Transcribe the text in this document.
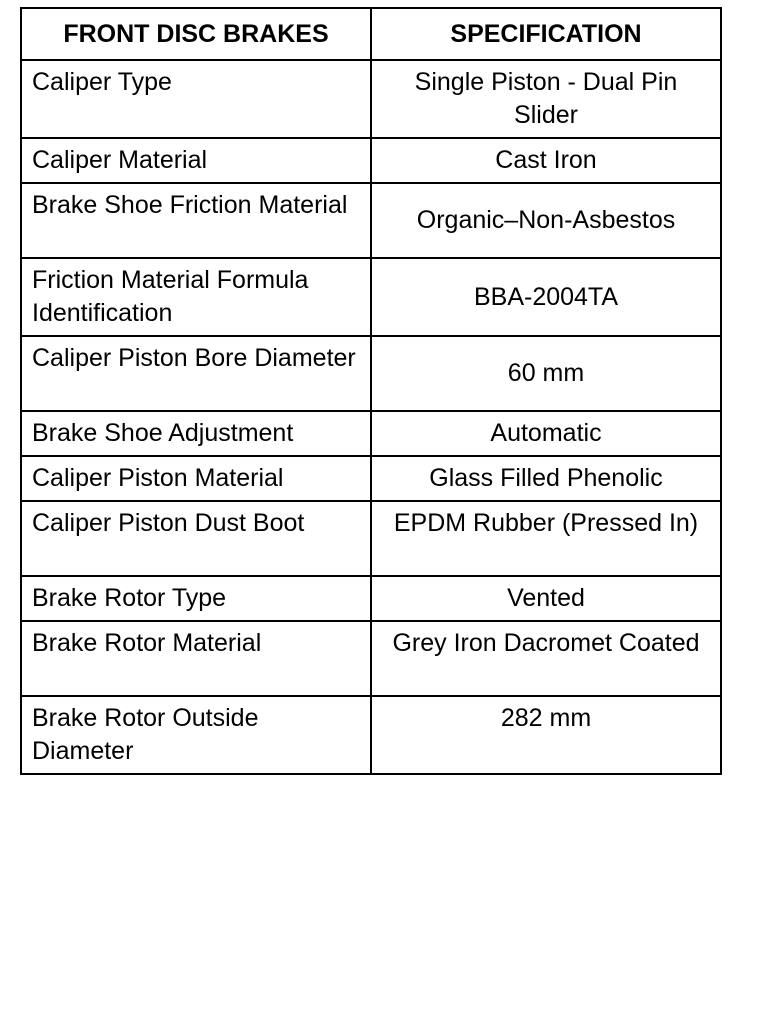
FRONT DISC BRAKES	SPECIFICATION
Caliper Type	Single Piston - Dual Pin Slider
Caliper Material	Cast Iron
Brake Shoe Friction Material	Organic–Non-Asbestos
Friction Material Formula Identification	BBA-2004TA
Caliper Piston Bore Diameter	60 mm
Brake Shoe Adjustment	Automatic
Caliper Piston Material	Glass Filled Phenolic
Caliper Piston Dust Boot	EPDM Rubber (Pressed In)
Brake Rotor Type	Vented
Brake Rotor Material	Grey Iron Dacromet Coated
Brake Rotor Outside Diameter	282 mm
